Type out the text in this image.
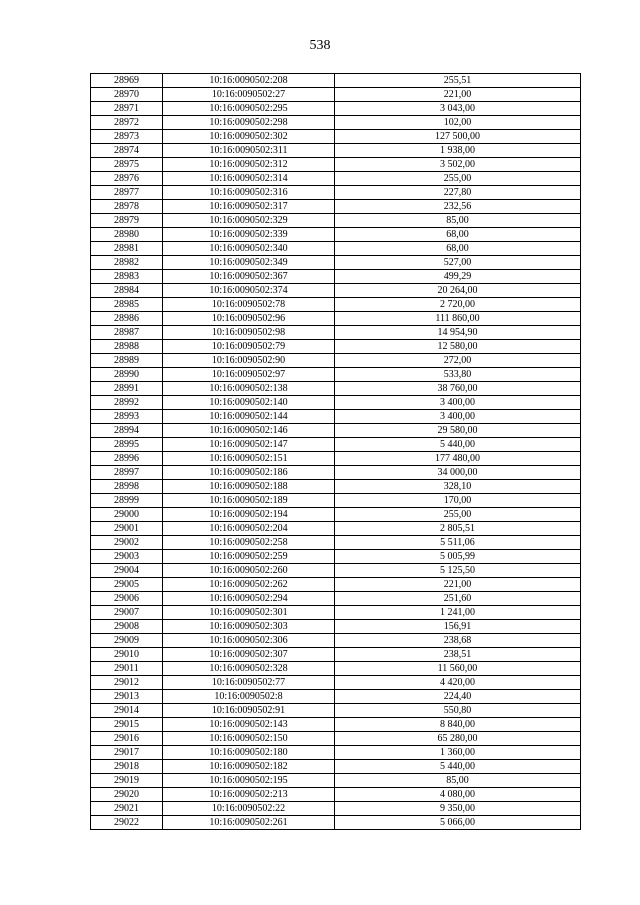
538
28969	10:16:0090502:208	255,51
28970	10:16:0090502:27	221,00
28971	10:16:0090502:295	3 043,00
28972	10:16:0090502:298	102,00
28973	10:16:0090502:302	127 500,00
28974	10:16:0090502:311	1 938,00
28975	10:16:0090502:312	3 502,00
28976	10:16:0090502:314	255,00
28977	10:16:0090502:316	227,80
28978	10:16:0090502:317	232,56
28979	10:16:0090502:329	85,00
28980	10:16:0090502:339	68,00
28981	10:16:0090502:340	68,00
28982	10:16:0090502:349	527,00
28983	10:16:0090502:367	499,29
28984	10:16:0090502:374	20 264,00
28985	10:16:0090502:78	2 720,00
28986	10:16:0090502:96	111 860,00
28987	10:16:0090502:98	14 954,90
28988	10:16:0090502:79	12 580,00
28989	10:16:0090502:90	272,00
28990	10:16:0090502:97	533,80
28991	10:16:0090502:138	38 760,00
28992	10:16:0090502:140	3 400,00
28993	10:16:0090502:144	3 400,00
28994	10:16:0090502:146	29 580,00
28995	10:16:0090502:147	5 440,00
28996	10:16:0090502:151	177 480,00
28997	10:16:0090502:186	34 000,00
28998	10:16:0090502:188	328,10
28999	10:16:0090502:189	170,00
29000	10:16:0090502:194	255,00
29001	10:16:0090502:204	2 805,51
29002	10:16:0090502:258	5 511,06
29003	10:16:0090502:259	5 005,99
29004	10:16:0090502:260	5 125,50
29005	10:16:0090502:262	221,00
29006	10:16:0090502:294	251,60
29007	10:16:0090502:301	1 241,00
29008	10:16:0090502:303	156,91
29009	10:16:0090502:306	238,68
29010	10:16:0090502:307	238,51
29011	10:16:0090502:328	11 560,00
29012	10:16:0090502:77	4 420,00
29013	10:16:0090502:8	224,40
29014	10:16:0090502:91	550,80
29015	10:16:0090502:143	8 840,00
29016	10:16:0090502:150	65 280,00
29017	10:16:0090502:180	1 360,00
29018	10:16:0090502:182	5 440,00
29019	10:16:0090502:195	85,00
29020	10:16:0090502:213	4 080,00
29021	10:16:0090502:22	9 350,00
29022	10:16:0090502:261	5 066,00
